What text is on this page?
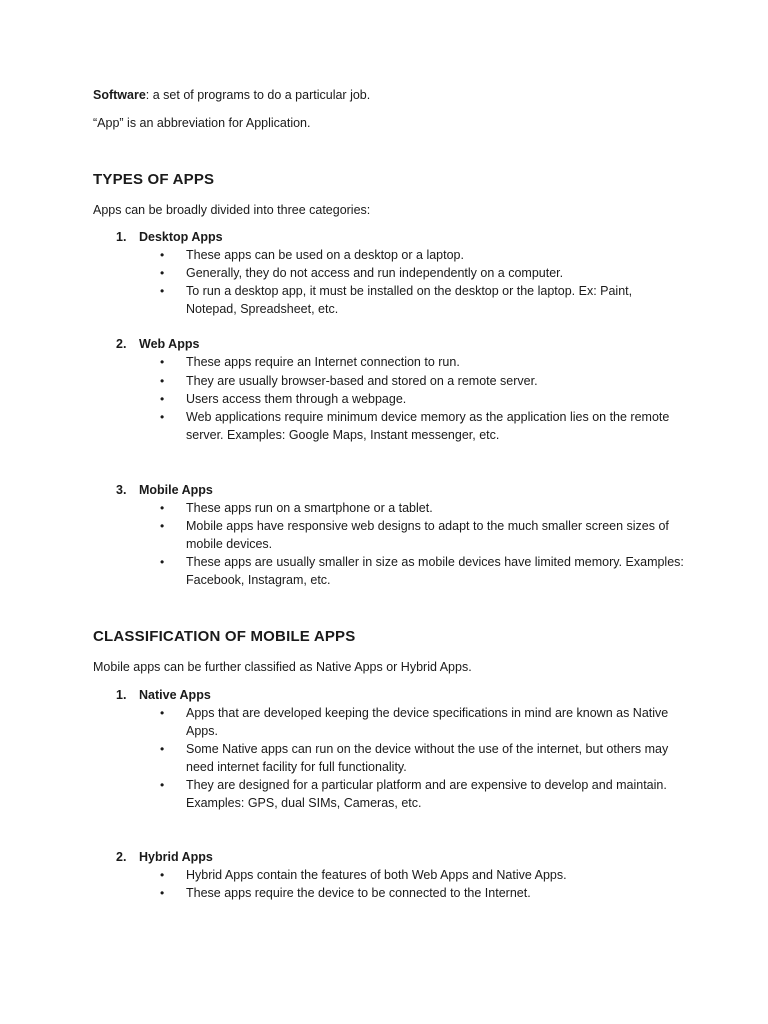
Software: a set of programs to do a particular job.
“App” is an abbreviation for Application.
TYPES OF APPS
Apps can be broadly divided into three categories:
1. Desktop Apps
• These apps can be used on a desktop or a laptop.
• Generally, they do not access and run independently on a computer.
• To run a desktop app, it must be installed on the desktop or the laptop. Ex: Paint, Notepad, Spreadsheet, etc.
2. Web Apps
• These apps require an Internet connection to run.
• They are usually browser-based and stored on a remote server.
• Users access them through a webpage.
• Web applications require minimum device memory as the application lies on the remote server. Examples: Google Maps, Instant messenger, etc.
3. Mobile Apps
• These apps run on a smartphone or a tablet.
• Mobile apps have responsive web designs to adapt to the much smaller screen sizes of mobile devices.
• These apps are usually smaller in size as mobile devices have limited memory. Examples: Facebook, Instagram, etc.
CLASSIFICATION OF MOBILE APPS
Mobile apps can be further classified as Native Apps or Hybrid Apps.
1. Native Apps
• Apps that are developed keeping the device specifications in mind are known as Native Apps.
• Some Native apps can run on the device without the use of the internet, but others may need internet facility for full functionality.
• They are designed for a particular platform and are expensive to develop and maintain. Examples: GPS, dual SIMs, Cameras, etc.
2. Hybrid Apps
• Hybrid Apps contain the features of both Web Apps and Native Apps.
• These apps require the device to be connected to the Internet.
